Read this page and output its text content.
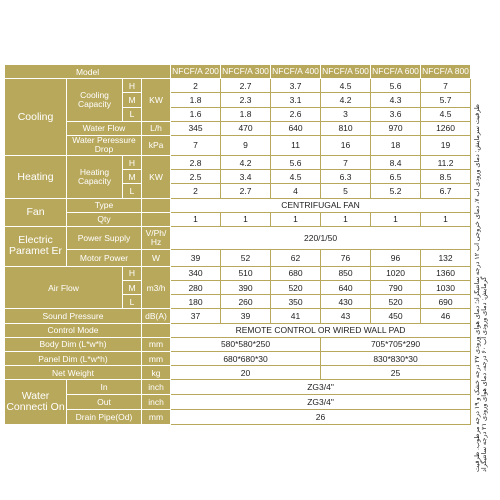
Model				NFCF/A 200	NFCF/A 300	NFCF/A 400	NFCF/A 500	NFCF/A 600	NFCF/A 800
Cooling	Cooling Capacity	H	KW	2	2.7	3.7	4.5	5.6	7
		M		1.8	2.3	3.1	4.2	4.3	5.7
		L		1.6	1.8	2.6	3	3.6	4.5
	Water Flow		L/h	345	470	640	810	970	1260
	Water Peressure Drop		kPa	7	9	11	16	18	19
Heating	Heating Capacity	H	KW	2.8	4.2	5.6	7	8.4	11.2
		M		2.5	3.4	4.5	6.3	6.5	8.5
		L		2	2.7	4	5	5.2	6.7
Fan	Type			CENTRIFUGAL FAN					
	Qty			1	1	1	1	1	1
Electric Paramet Er	Power Supply		V/Ph/ Hz	220/1/50					
	Motor Power		W	39	52	62	76	96	132
Air Flow		H	m3/h	340	510	680	850	1020	1360
		M		280	390	520	640	790	1030
		L		180	260	350	430	520	690
Sound Pressure			dB(A)	37	39	41	43	450	46
Control Mode				REMOTE CONTROL OR WIRED WALL PAD					
Body Dim (L*w*h)			mm	580*580*250			705*705*290		
Panel Dim (L*w*h)			mm	680*680*30			830*830*30		
Net Weight			kg	20			25		
Water Connecti On	In		inch	ZG3/4"					
	Out		inch	ZG3/4"					
	Drain Pipe(Od)		mm	26						ظرفیت سرمایش: دمای ورودی آب ۷، دمای خروجی آب ۱۲ درجه سانتیگراد؛ دمای هوای ورودی ۲۷ درجه خشک و ۱۹ درجه مرطوب. ظرفیت گرمایش: دمای ورودی آب ۶۰ درجه، دمای هوای ورودی ۲۱ درجه سانتیگراد
